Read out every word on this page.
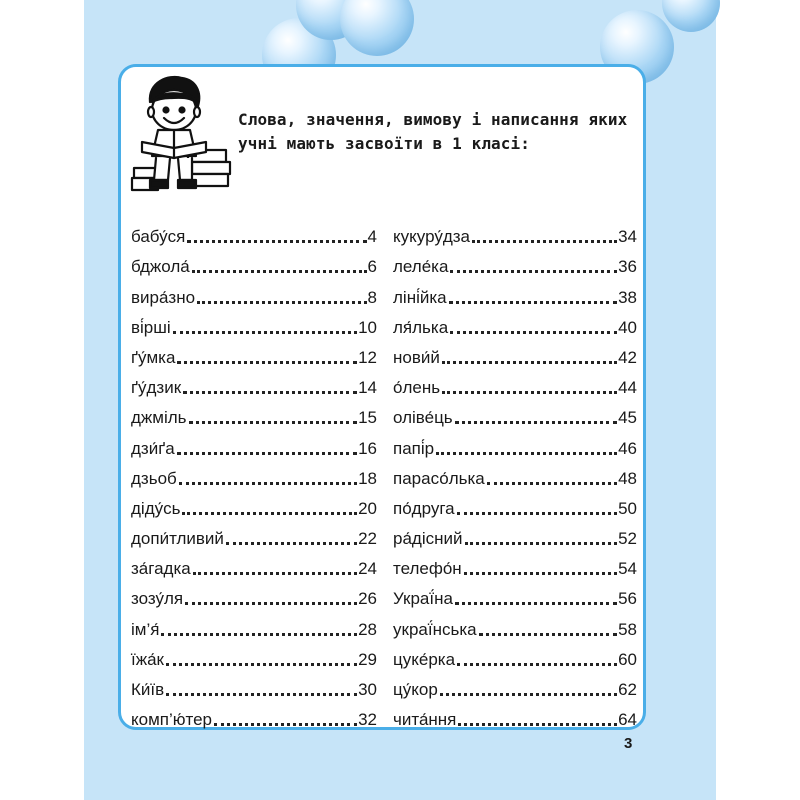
Слова, значення, вимову і написання яких учні мають засвоїти в 1 класі:

бабу́ся	4
бджола́	6
вира́зно	8
ві́рші	10
ґу́мка	12
ґу́дзик	14
джміль	15
дзи́ґа	16
дзьоб	18
діду́сь	20
допи́тливий	22
за́гадка	24
зозу́ля	26
ім’я́	28
їжа́к	29
Ки́їв	30
комп’ю́тер	32
кукуру́дза	34
леле́ка	36
ліні́йка	38
ля́лька	40
нови́й	42
о́лень	44
оліве́ць	45
папі́р	46
парасо́лька	48
по́друга	50
ра́дісний	52
телефо́н	54
Украї́на	56
украї́нська	58
цуке́рка	60
цу́кор	62
чита́ння	64
3
